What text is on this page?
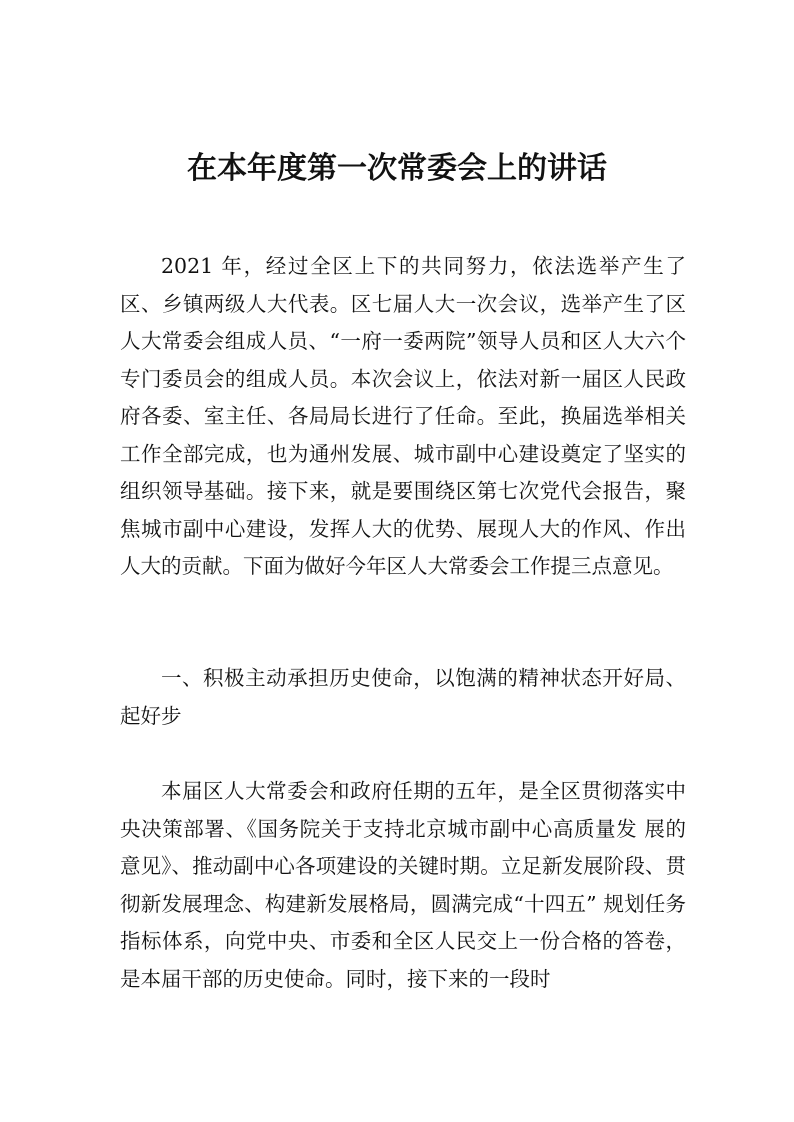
在本年度第一次常委会上的讲话

2021 年，经过全区上下的共同努力，依法选举产生了区、乡镇两级人大代表。区七届人大一次会议，选举产生了区人大常委会组成人员、“一府一委两院”领导人员和区人大六个专门委员会的组成人员。本次会议上，依法对新一届区人民政府各委、室主任、各局局长进行了任命。至此，换届选举相关工作全部完成，也为通州发展、城市副中心建设奠定了坚实的组织领导基础。接下来，就是要围绕区第七次党代会报告，聚焦城市副中心建设，发挥人大的优势、展现人大的作风、作出人大的贡献。下面为做好今年区人大常委会工作提三点意见。

一、积极主动承担历史使命，以饱满的精神状态开好局、起好步

本届区人大常委会和政府任期的五年，是全区贯彻落实中央决策部署、《国务院关于支持北京城市副中心高质量发 展的意见》、推动副中心各项建设的关键时期。立足新发展阶段、贯彻新发展理念、构建新发展格局，圆满完成“十四五” 规划任务指标体系，向党中央、市委和全区人民交上一份合格的答卷，是本届干部的历史使命。同时，接下来的一段时
